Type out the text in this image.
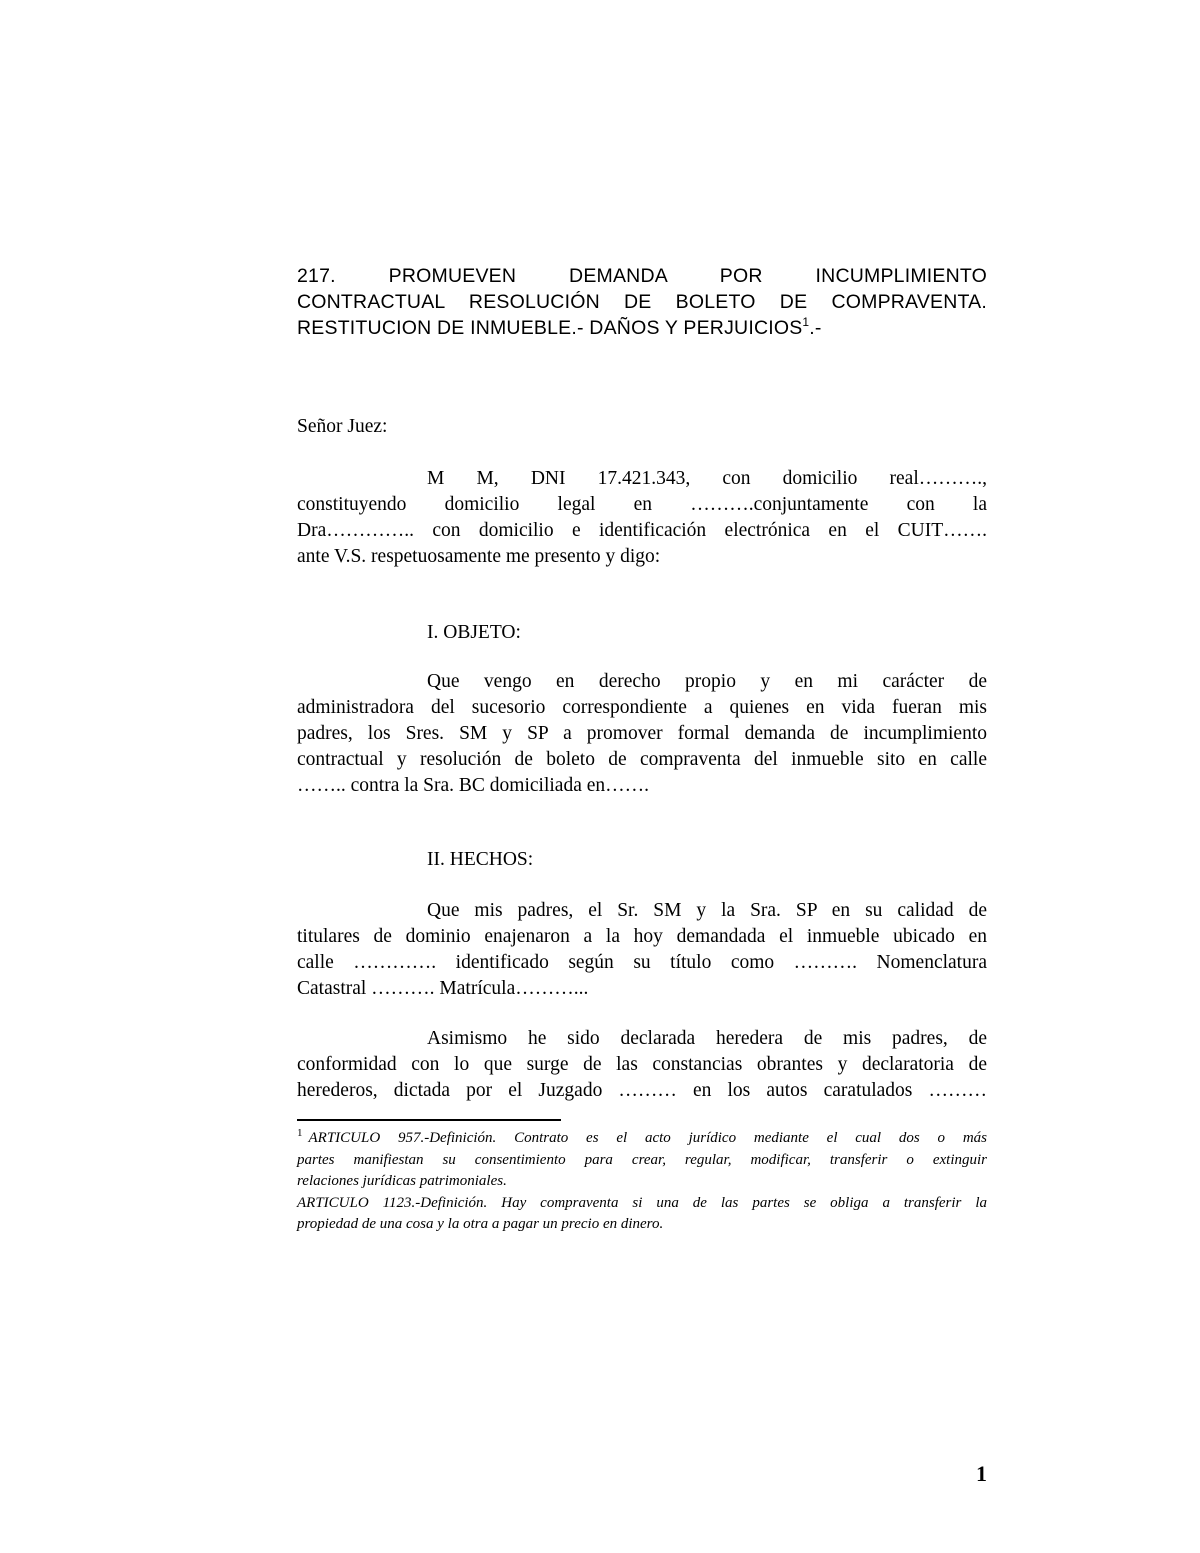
217. PROMUEVEN DEMANDA POR INCUMPLIMIENTO
CONTRACTUAL RESOLUCIÓN DE BOLETO DE COMPRAVENTA.
RESTITUCION DE INMUEBLE.- DAÑOS Y PERJUICIOS$^1$.-
Señor Juez:
M M, DNI 17.421.343, con domicilio real……….,
constituyendo domicilio legal en ……….conjuntamente con la
Dra………….. con domicilio e identificación electrónica en el CUIT…….
ante V.S. respetuosamente me presento y digo:
I. OBJETO:
Que vengo en derecho propio y en mi carácter de
administradora del sucesorio correspondiente a quienes en vida fueran mis
padres, los Sres. SM y SP a promover formal demanda de incumplimiento
contractual y resolución de boleto de compraventa del inmueble sito en calle
…….. contra la Sra. BC domiciliada en…….
II. HECHOS:
Que mis padres, el Sr. SM y la Sra. SP en su calidad de
titulares de dominio enajenaron a la hoy demandada el inmueble ubicado en
calle …………. identificado según su título como ………. Nomenclatura
Catastral ………. Matrícula………...
Asimismo he sido declarada heredera de mis padres, de
conformidad con lo que surge de las constancias obrantes y declaratoria de
herederos, dictada por el Juzgado ……… en los autos caratulados ………
$^1$ ARTICULO 957.-Definición. Contrato es el acto jurídico mediante el cual dos o más
partes manifiestan su consentimiento para crear, regular, modificar, transferir o extinguir
relaciones jurídicas patrimoniales.
ARTICULO 1123.-Definición. Hay compraventa si una de las partes se obliga a transferir la
propiedad de una cosa y la otra a pagar un precio en dinero.
1
